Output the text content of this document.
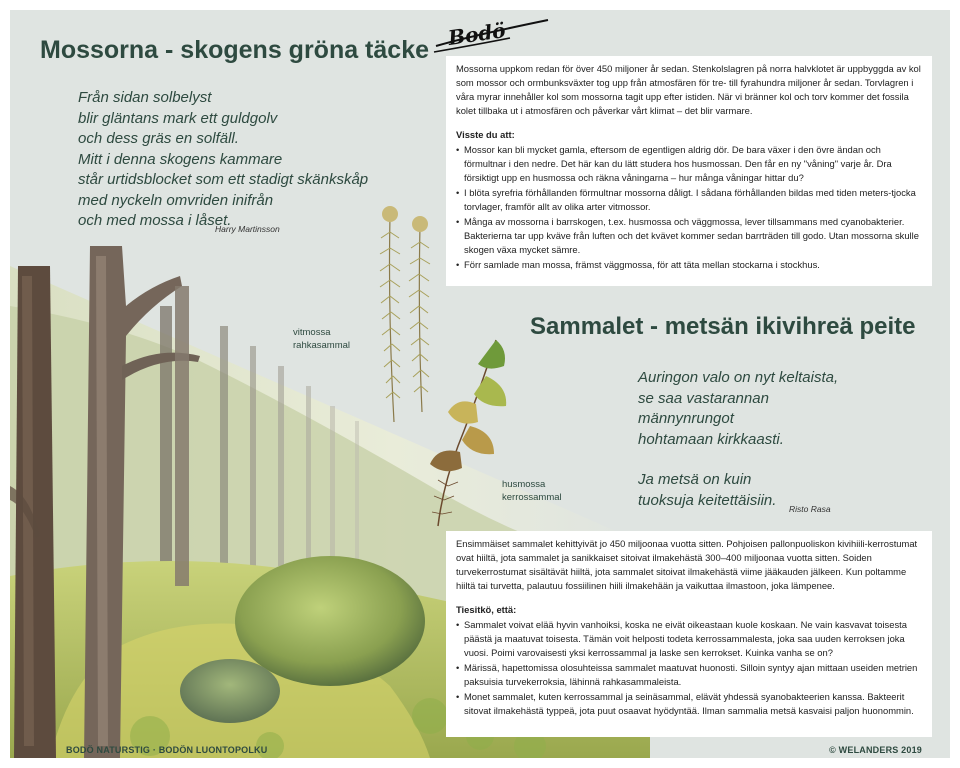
Bodö
Mossorna - skogens gröna täcke
Från sidan solbelyst
blir gläntans mark ett guldgolv
och dess gräs en solfäll.
Mitt i denna skogens kammare
står urtidsblocket som ett stadigt skänkskåp
med nyckeln omvriden inifrån
och med mossa i låset.
Harry Martinsson

Mossorna uppkom redan för över 450 miljoner år sedan. Stenkolslagren på norra halvklotet är uppbyggda av kol som mossor och ormbunksväxter tog upp från atmosfären för tre- till fyrahundra miljoner år sedan. Torvlagren i våra myrar innehåller kol som mossorna tagit upp efter istiden. När vi bränner kol och torv kommer det fossila kolet tillbaka ut i atmosfären och påverkar vårt klimat – det blir varmare.

Visste du att:

• Mossor kan bli mycket gamla, eftersom de egentligen aldrig dör. De bara växer i den övre ändan och förmultnar i den nedre. Det här kan du lätt studera hos husmossan. Den får en ny "våning" varje år. Dra försiktigt upp en husmossa och räkna våningarna – hur många våningar hittar du?
• I blöta syrefria förhållanden förmultnar mossorna dåligt. I sådana förhållanden bildas med tiden meters-tjocka torvlager, framför allt av olika arter vitmossor.
• Många av mossorna i barrskogen, t.ex. husmossa och väggmossa, lever tillsammans med cyanobakterier. Bakterierna tar upp kväve från luften och det kvävet kommer sedan barrträden till godo. Utan mossorna skulle skogen växa mycket sämre.
• Förr samlade man mossa, främst väggmossa, för att täta mellan stockarna i stockhus.
vitmossa
rahkasammal
husmossa
kerrossammal
Sammalet - metsän ikivihreä peite
Auringon valo on nyt keltaista,
se saa vastarannan
männynrungot
hohtamaan kirkkaasti.
Ja metsä on kuin
tuoksuja keitettäisiin.
Risto Rasa

Ensimmäiset sammalet kehittyivät jo 450 miljoonaa vuotta sitten. Pohjoisen pallonpuoliskon kivihiili-kerrostumat ovat hiiltä, jota sammalet ja sanikkaiset sitoivat ilmakehästä 300–400 miljoonaa vuotta sitten. Soiden turvekerrostumat sisältävät hiiltä, jota sammalet sitoivat ilmakehästä viime jääkauden jälkeen. Kun poltamme hiiltä tai turvetta, palautuu fossiilinen hiili ilmakehään ja vaikuttaa ilmastoon, joka lämpenee.

Tiesitkö, että:

• Sammalet voivat elää hyvin vanhoiksi, koska ne eivät oikeastaan kuole koskaan. Ne vain kasvavat toisesta päästä ja maatuvat toisesta. Tämän voit helposti todeta kerrossammalesta, joka saa uuden kerroksen joka vuosi. Poimi varovaisesti yksi kerrossammal ja laske sen kerrokset. Kuinka vanha se on?
• Märissä, hapettomissa olosuhteissa sammalet maatuvat huonosti. Silloin syntyy ajan mittaan useiden metrien paksuisia turvekerroksia, lähinnä rahkasammaleista.
• Monet sammalet, kuten kerrossammal ja seinäsammal, elävät yhdessä syanobakteerien kanssa. Bakteerit sitovat ilmakehästä typpeä, jota puut osaavat hyödyntää. Ilman sammalia metsä kasvaisi paljon huonommin.
BODÖ NATURSTIG · BODÖN LUONTOPOLKU	© WELANDERS 2019
